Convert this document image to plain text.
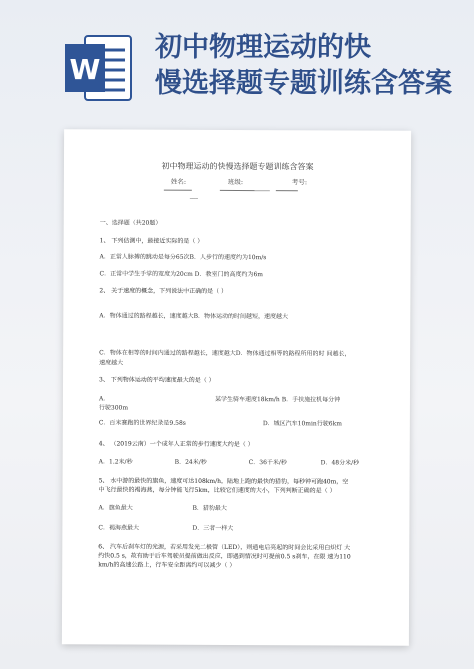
W
初中物理运动的快
慢选择题专题训练含答案
初中物理运动的快慢选择题专题训练含答案
姓名:	班级:	考号:
▁▁▁
一、选择题（共20题）
1、 下列估测中，最接近实际的是（ ）
A．正常人脉搏的跳动是每分65次B．人步行的速度约为10m/s
C．正常中学生手掌的宽度为20cm D．教室门的高度约为6m
2、 关于速度的概念，下列说法中正确的是（ ）
A．物体通过的路程越长，速度越大B．物体运动的时间越短，速度越大
C．物体在相等的时间内通过的路程越长，速度越大D．物体通过相等的路程所用的时 间越长，
速度越大
3、 下列物体运动的平均速度最大的是（ ）
A．	某学生骑车速度18km/h B．手扶施拉机每分钟
行驶300m
C．百米赛跑的世界纪录是9.58s	D．城区汽车10min行驶6km
4、 （2019云南）一个成年人正常的步行速度大约是（ ）
A．1.2米/秒	B．24米/秒	C．36千米/秒	D．48分米/秒
5、 水中游的最快的旗鱼，速度可达108km/h，陆地上跑的最快的猎豹，每秒钟可跑40m，空
中飞行最快的褐海燕，每分钟能飞行5km，比较它们速度的大小，下列判断正确的是（ ）
A．旗鱼最大	B．猎豹最大
C．褐海燕最大	D．三者一样大
6、 汽车后刹车灯的光源，若采用发光二极管（LED），则通电后亮起的时间会比采用白炽灯 大
约快0.5 s，故有助于后车驾驶员提前做出反应，即遇到情况时可提前0.5 s刹车，在限 速为110
km/h的高速公路上，行车安全距离约可以减少（ ）
